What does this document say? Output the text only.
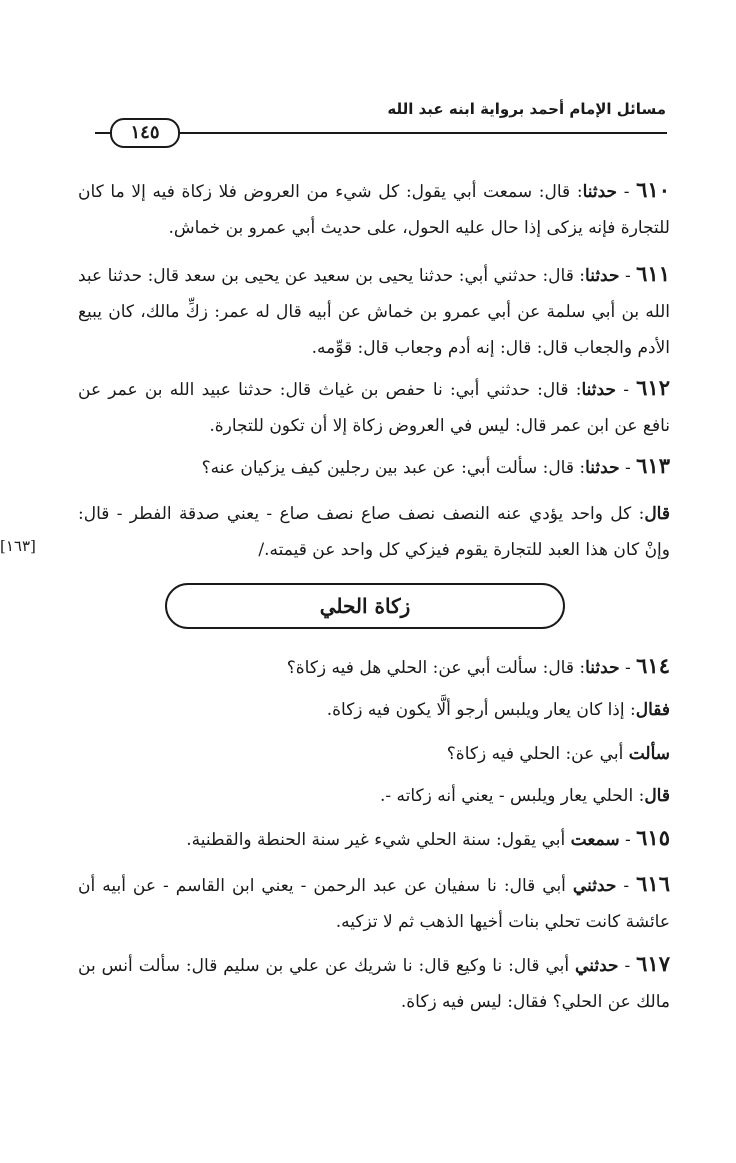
مسائل الإمام أحمد برواية ابنه عبد الله
١٤٥

٦١٠ - حدثنا: قال: سمعت أبي يقول: كل شيء من العروض فلا زكاة فيه إلا ما كان للتجارة فإنه يزكى إذا حال عليه الحول، على حديث أبي عمرو بن خماش.

٦١١ - حدثنا: قال: حدثني أبي: حدثنا يحيى بن سعيد عن يحيى بن سعد قال: حدثنا عبد الله بن أبي سلمة عن أبي عمرو بن خماش عن أبيه قال له عمر: زكِّ مالك، كان يبيع الأدم والجعاب قال: قال: إنه أدم وجعاب قال: قوِّمه.

٦١٢ - حدثنا: قال: حدثني أبي: نا حفص بن غياث قال: حدثنا عبيد الله بن عمر عن نافع عن ابن عمر قال: ليس في العروض زكاة إلا أن تكون للتجارة.

٦١٣ - حدثنا: قال: سألت أبي: عن عبد بين رجلين كيف يزكيان عنه؟

قال: كل واحد يؤدي عنه النصف نصف صاع نصف صاع - يعني صدقة الفطر - قال: وإنْ كان هذا العبد للتجارة يقوم فيزكي كل واحد عن قيمته./

[١٦٣]
زكاة الحلي

٦١٤ - حدثنا: قال: سألت أبي عن: الحلي هل فيه زكاة؟

فقال: إذا كان يعار ويلبس أرجو ألَّا يكون فيه زكاة.

سألت أبي عن: الحلي فيه زكاة؟

قال: الحلي يعار ويلبس - يعني أنه زكاته -.

٦١٥ - سمعت أبي يقول: سنة الحلي شيء غير سنة الحنطة والقطنية.

٦١٦ - حدثني أبي قال: نا سفيان عن عبد الرحمن - يعني ابن القاسم - عن أبيه أن عائشة كانت تحلي بنات أخيها الذهب ثم لا تزكيه.

٦١٧ - حدثني أبي قال: نا وكيع قال: نا شريك عن علي بن سليم قال: سألت أنس بن مالك عن الحلي؟ فقال: ليس فيه زكاة.
